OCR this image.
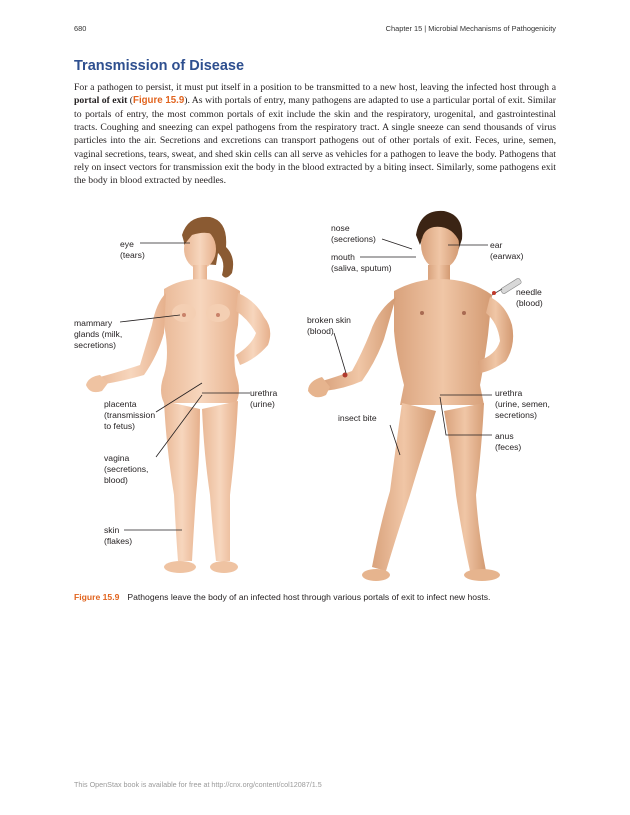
680	Chapter 15 | Microbial Mechanisms of Pathogenicity
Transmission of Disease

For a pathogen to persist, it must put itself in a position to be transmitted to a new host, leaving the infected host through a portal of exit (Figure 15.9). As with portals of entry, many pathogens are adapted to use a particular portal of exit. Similar to portals of entry, the most common portals of exit include the skin and the respiratory, urogenital, and gastrointestinal tracts. Coughing and sneezing can expel pathogens from the respiratory tract. A single sneeze can send thousands of virus particles into the air. Secretions and excretions can transport pathogens out of other portals of exit. Feces, urine, semen, vaginal secretions, tears, sweat, and shed skin cells can all serve as vehicles for a pathogen to leave the body. Pathogens that rely on insect vectors for transmission exit the body in the blood extracted by a biting insect. Similarly, some pathogens exit the body in blood extracted by needles.

eye
(tears)
mammary
glands (milk,
secretions)
placenta
(transmission
to fetus)
vagina
(secretions,
blood)
skin
(flakes)
urethra
(urine)
nose
(secretions)
mouth
(saliva, sputum)
ear
(earwax)
needle
(blood)
broken skin
(blood)
insect bite
urethra
(urine, semen,
secretions)
anus
(feces)
Figure 15.9 Pathogens leave the body of an infected host through various portals of exit to infect new hosts.
This OpenStax book is available for free at http://cnx.org/content/col12087/1.5
